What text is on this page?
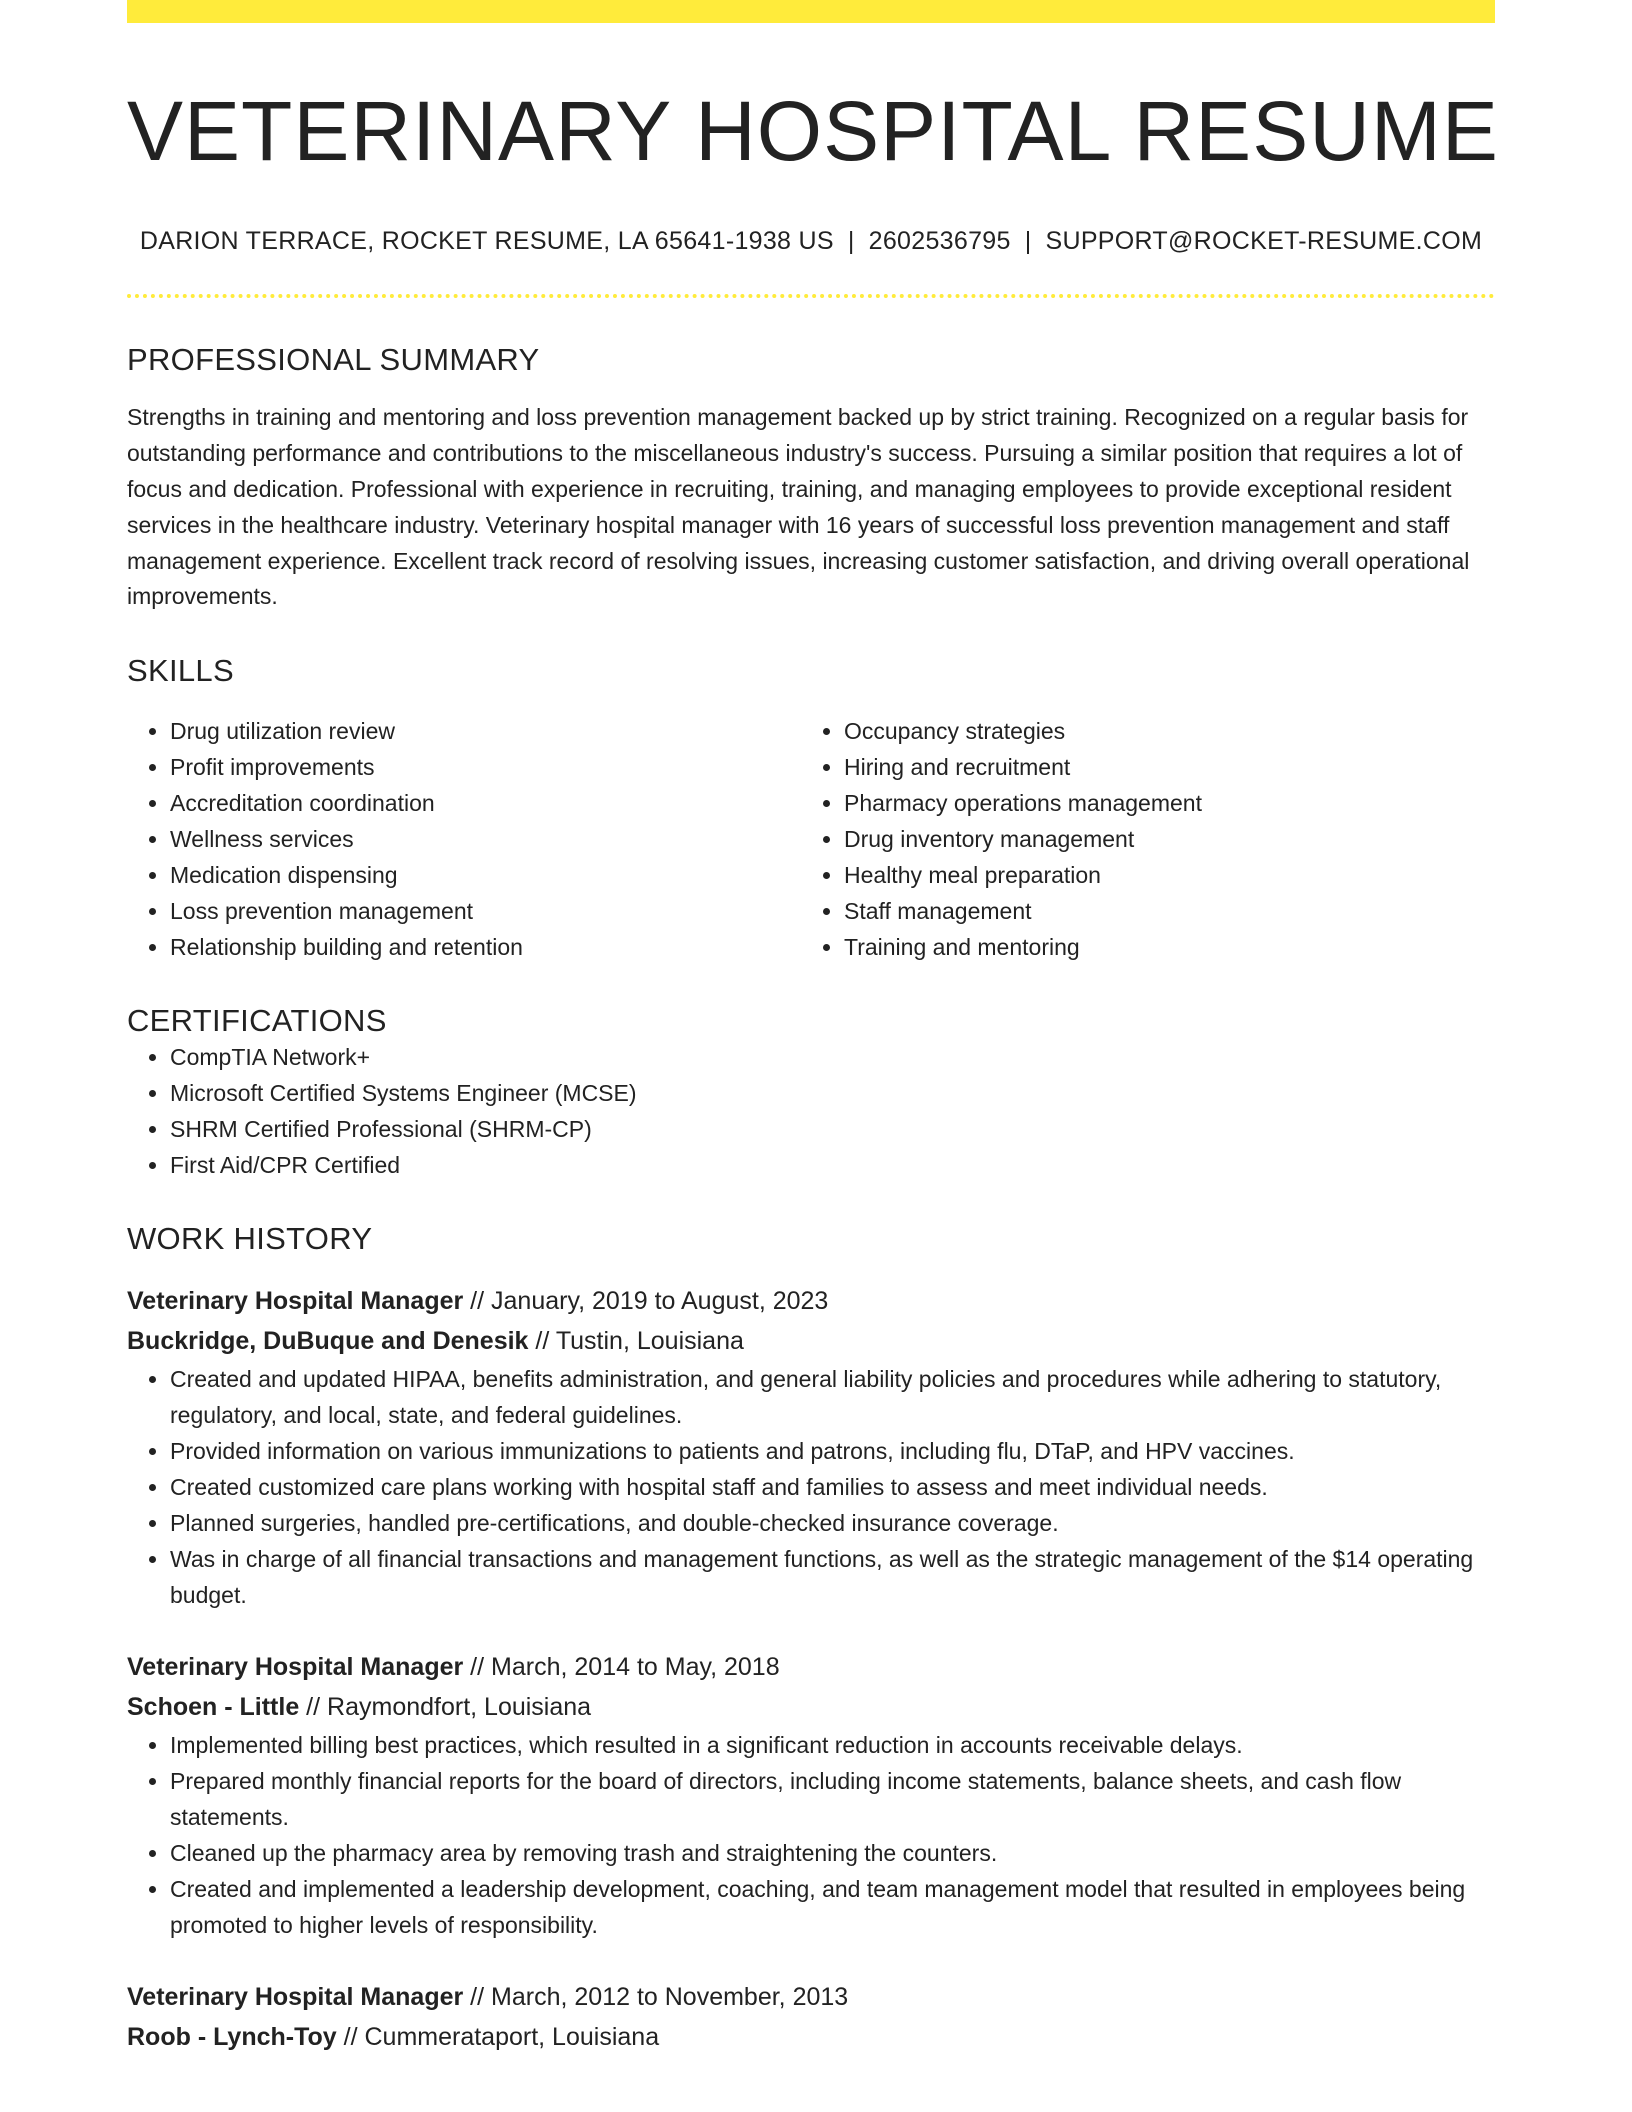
VETERINARY HOSPITAL RESUME
DARION TERRACE, ROCKET RESUME, LA 65641-1938 US | 2602536795 | SUPPORT@ROCKET-RESUME.COM
PROFESSIONAL SUMMARY
Strengths in training and mentoring and loss prevention management backed up by strict training. Recognized on a regular basis for outstanding performance and contributions to the miscellaneous industry's success. Pursuing a similar position that requires a lot of focus and dedication. Professional with experience in recruiting, training, and managing employees to provide exceptional resident services in the healthcare industry. Veterinary hospital manager with 16 years of successful loss prevention management and staff management experience. Excellent track record of resolving issues, increasing customer satisfaction, and driving overall operational improvements.
SKILLS
• Drug utilization review
• Profit improvements
• Accreditation coordination
• Wellness services
• Medication dispensing
• Loss prevention management
• Relationship building and retention
• Occupancy strategies
• Hiring and recruitment
• Pharmacy operations management
• Drug inventory management
• Healthy meal preparation
• Staff management
• Training and mentoring
CERTIFICATIONS
• CompTIA Network+
• Microsoft Certified Systems Engineer (MCSE)
• SHRM Certified Professional (SHRM-CP)
• First Aid/CPR Certified
WORK HISTORY
Veterinary Hospital Manager // January, 2019 to August, 2023
Buckridge, DuBuque and Denesik // Tustin, Louisiana
• Created and updated HIPAA, benefits administration, and general liability policies and procedures while adhering to statutory, regulatory, and local, state, and federal guidelines.
• Provided information on various immunizations to patients and patrons, including flu, DTaP, and HPV vaccines.
• Created customized care plans working with hospital staff and families to assess and meet individual needs.
• Planned surgeries, handled pre-certifications, and double-checked insurance coverage.
• Was in charge of all financial transactions and management functions, as well as the strategic management of the $14 operating budget.
Veterinary Hospital Manager // March, 2014 to May, 2018
Schoen - Little // Raymondfort, Louisiana
• Implemented billing best practices, which resulted in a significant reduction in accounts receivable delays.
• Prepared monthly financial reports for the board of directors, including income statements, balance sheets, and cash flow statements.
• Cleaned up the pharmacy area by removing trash and straightening the counters.
• Created and implemented a leadership development, coaching, and team management model that resulted in employees being promoted to higher levels of responsibility.
Veterinary Hospital Manager // March, 2012 to November, 2013
Roob - Lynch-Toy // Cummerataport, Louisiana
